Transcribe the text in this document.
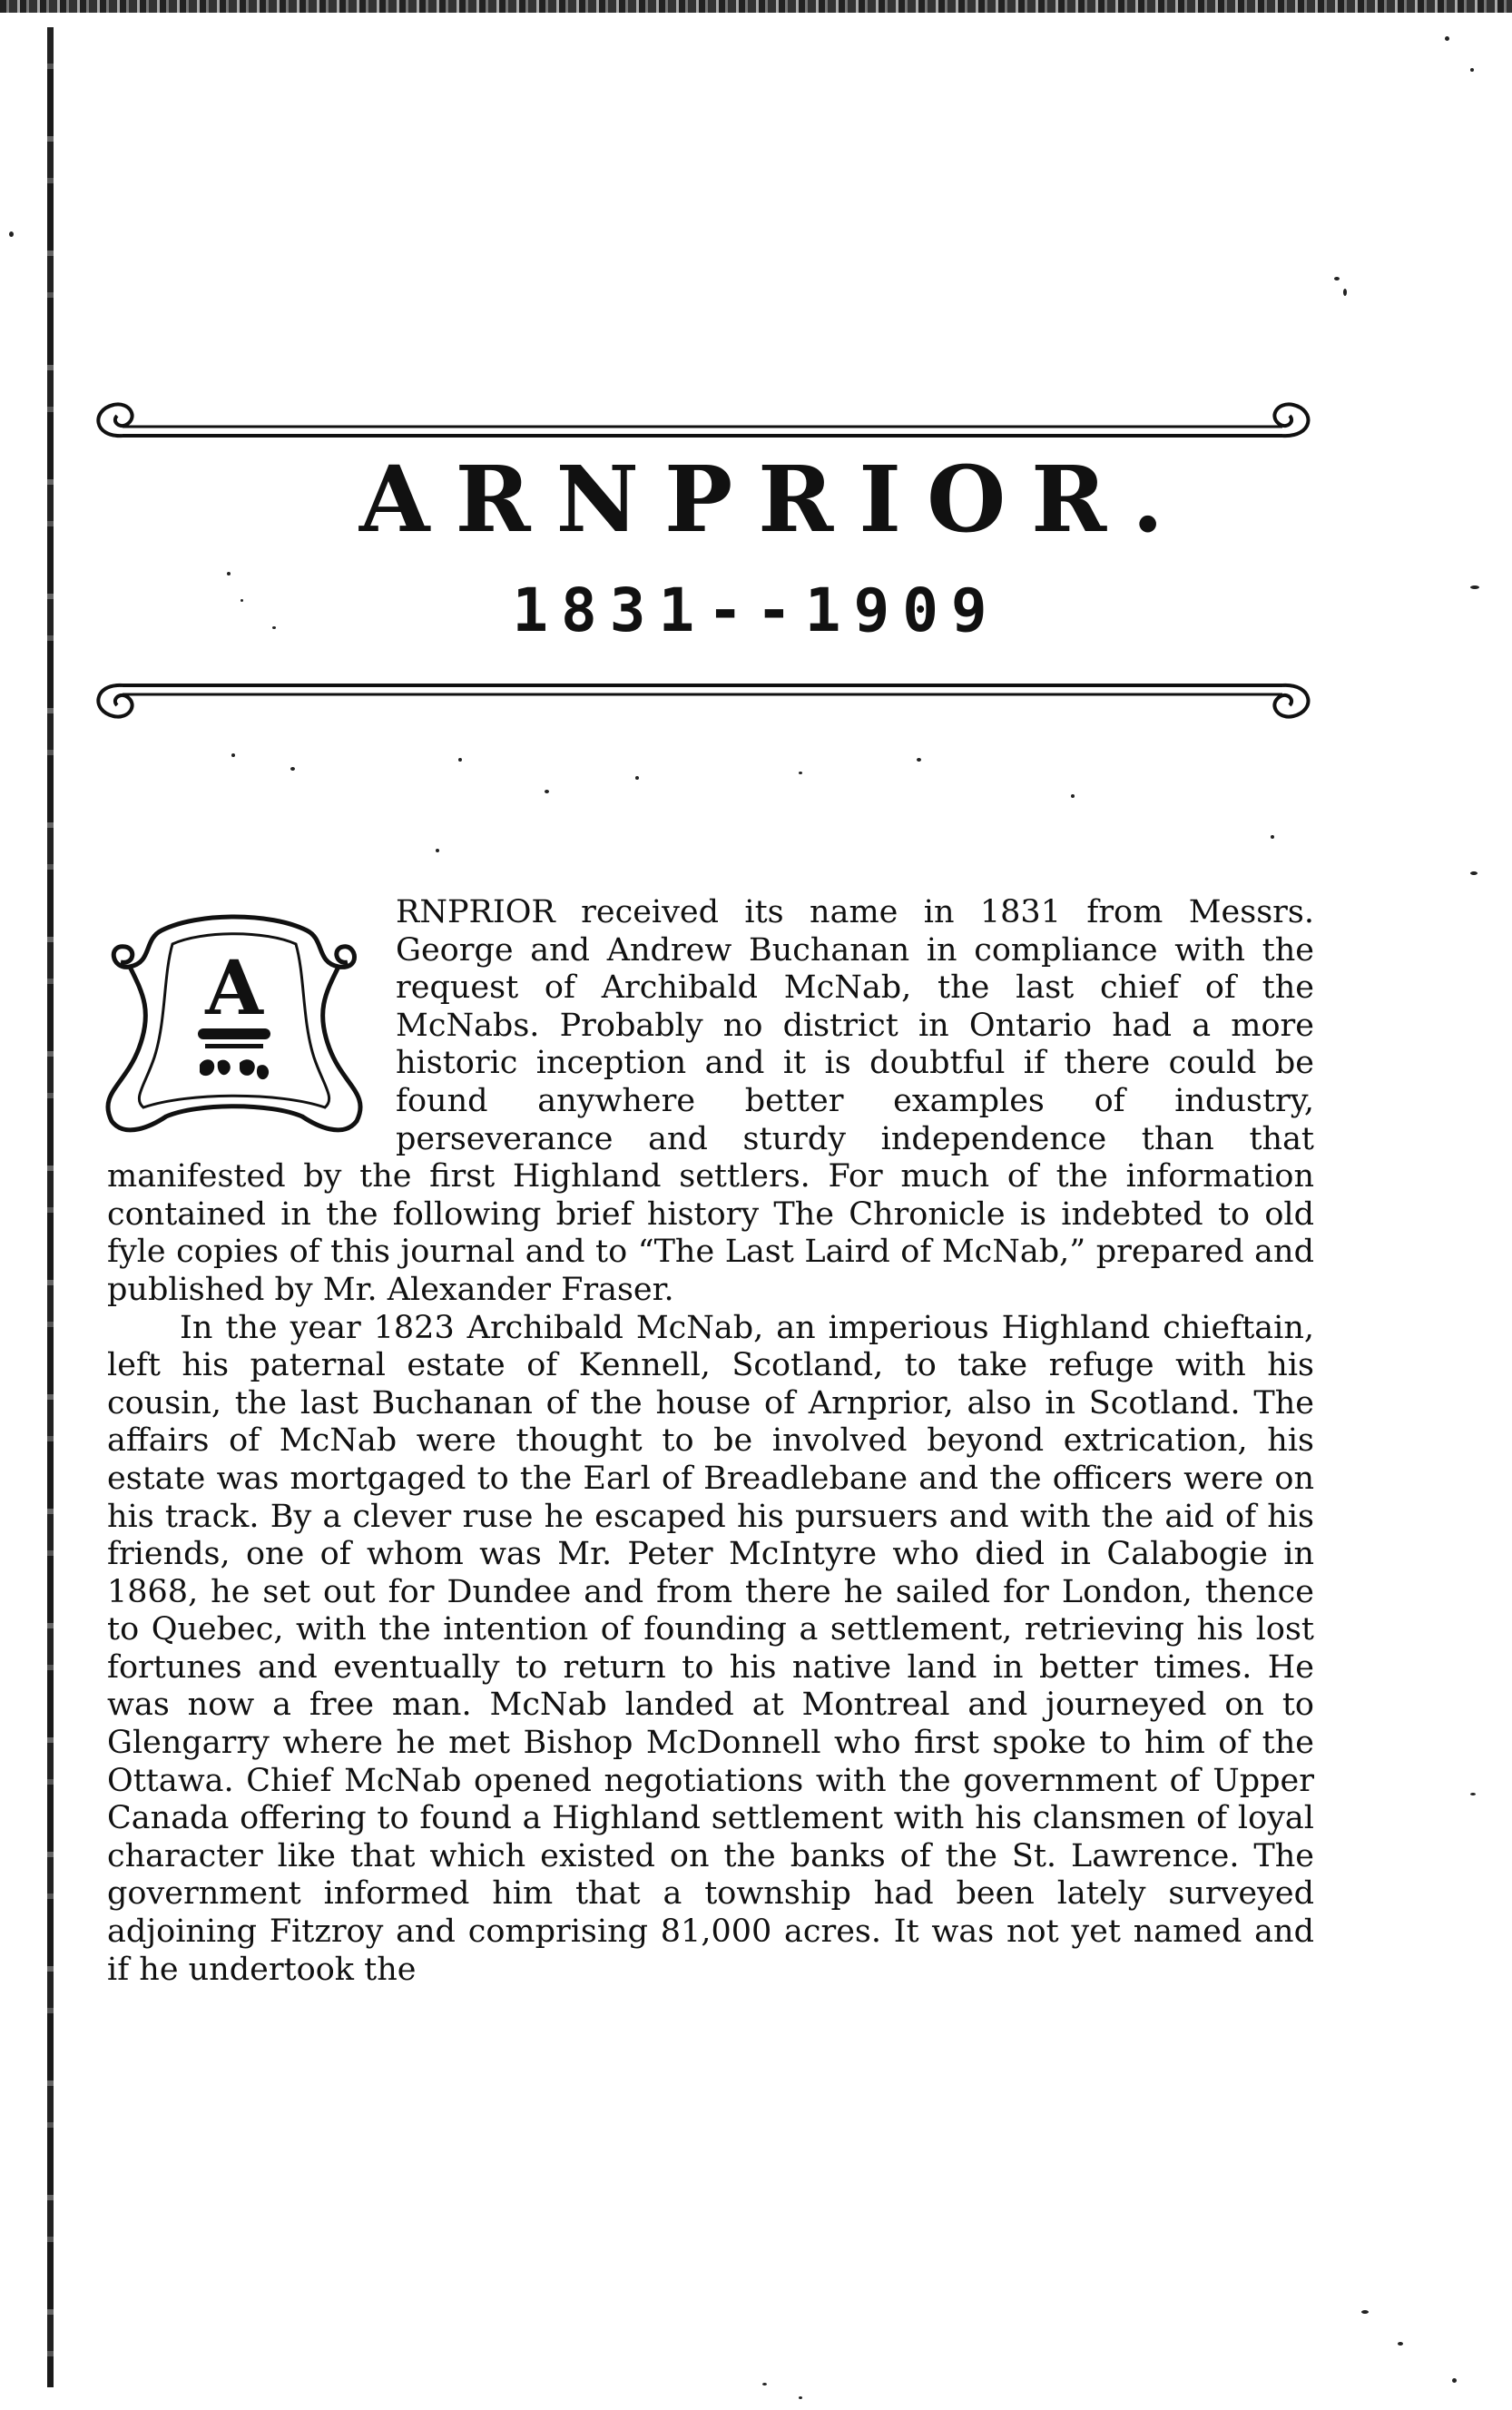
ARNPRIOR.
1831--1909
A

RNPRIOR received its name in 1831 from Messrs. George and Andrew Buchanan in compliance with the request of Archibald McNab, the last chief of the McNabs. Probably no district in Ontario had a more historic inception and it is doubtful if there could be found anywhere better examples of industry, perseverance and sturdy independence than that manifested by the first Highland settlers. For much of the information contained in the following brief history The Chronicle is indebted to old fyle copies of this journal and to “The Last Laird of McNab,” prepared and published by Mr. Alexander Fraser.

In the year 1823 Archibald McNab, an imperious Highland chieftain, left his paternal estate of Kennell, Scotland, to take refuge with his cousin, the last Buchanan of the house of Arnprior, also in Scotland. The affairs of McNab were thought to be involved beyond extrication, his estate was mortgaged to the Earl of Breadlebane and the officers were on his track. By a clever ruse he escaped his pursuers and with the aid of his friends, one of whom was Mr. Peter McIntyre who died in Calabogie in 1868, he set out for Dundee and from there he sailed for London, thence to Quebec, with the intention of founding a settlement, retrieving his lost fortunes and eventually to return to his native land in better times. He was now a free man. McNab landed at Montreal and journeyed on to Glengarry where he met Bishop McDonnell who first spoke to him of the Ottawa. Chief McNab opened negotiations with the government of Upper Canada offering to found a Highland settlement with his clansmen of loyal character like that which existed on the banks of the St. Lawrence. The government informed him that a township had been lately surveyed adjoining Fitzroy and comprising 81,000 acres. It was not yet named and if he undertook the
